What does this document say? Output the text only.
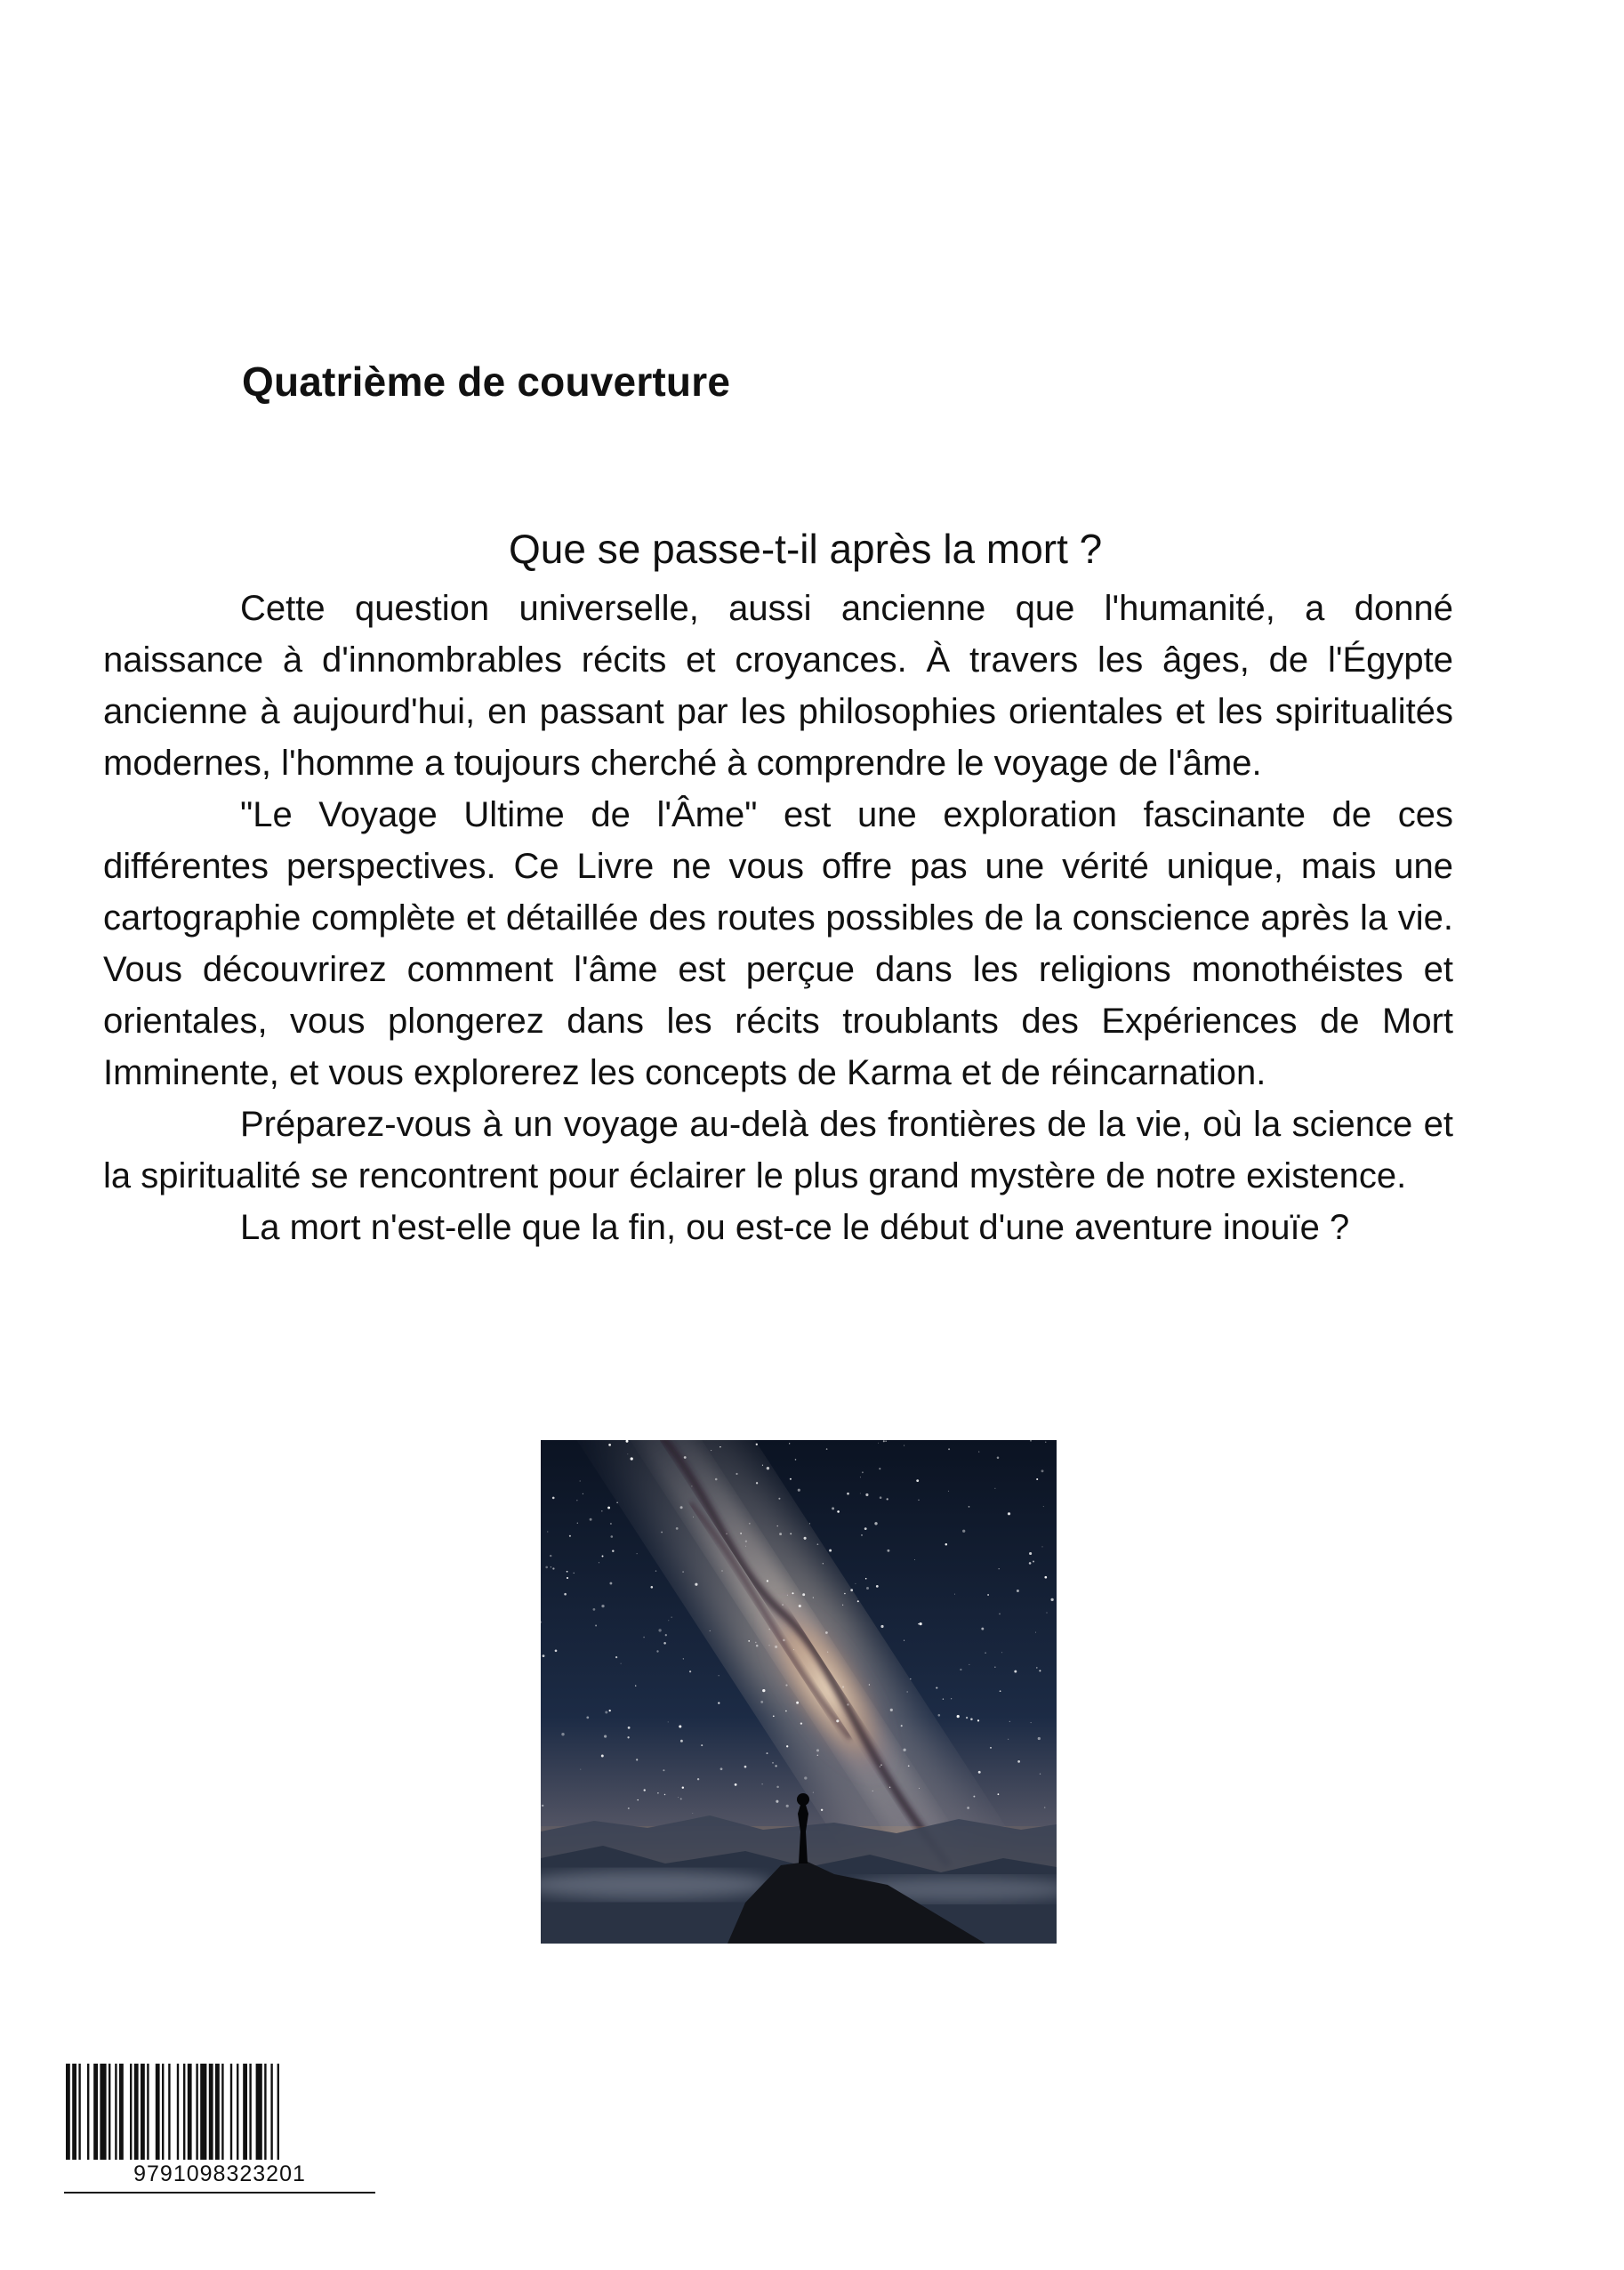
Quatrième de couverture
Que se passe-t-il après la mort ?

Cette question universelle, aussi ancienne que l'humanité, a donné naissance à d'innombrables récits et croyances. À travers les âges, de l'Égypte ancienne à aujourd'hui, en passant par les philosophies orientales et les spiritualités modernes, l'homme a toujours cherché à comprendre le voyage de l'âme.

"Le Voyage Ultime de l'Âme" est une exploration fascinante de ces différentes perspectives. Ce Livre ne vous offre pas une vérité unique, mais une cartographie complète et détaillée des routes possibles de la conscience après la vie. Vous découvrirez comment l'âme est perçue dans les religions monothéistes et orientales, vous plongerez dans les récits troublants des Expériences de Mort Imminente, et vous explorerez les concepts de Karma et de réincarnation.

Préparez-vous à un voyage au-delà des frontières de la vie, où la science et la spiritualité se rencontrent pour éclairer le plus grand mystère de notre existence.

La mort n'est-elle que la fin, ou est-ce le début d'une aventure inouïe ?

9791098323201
